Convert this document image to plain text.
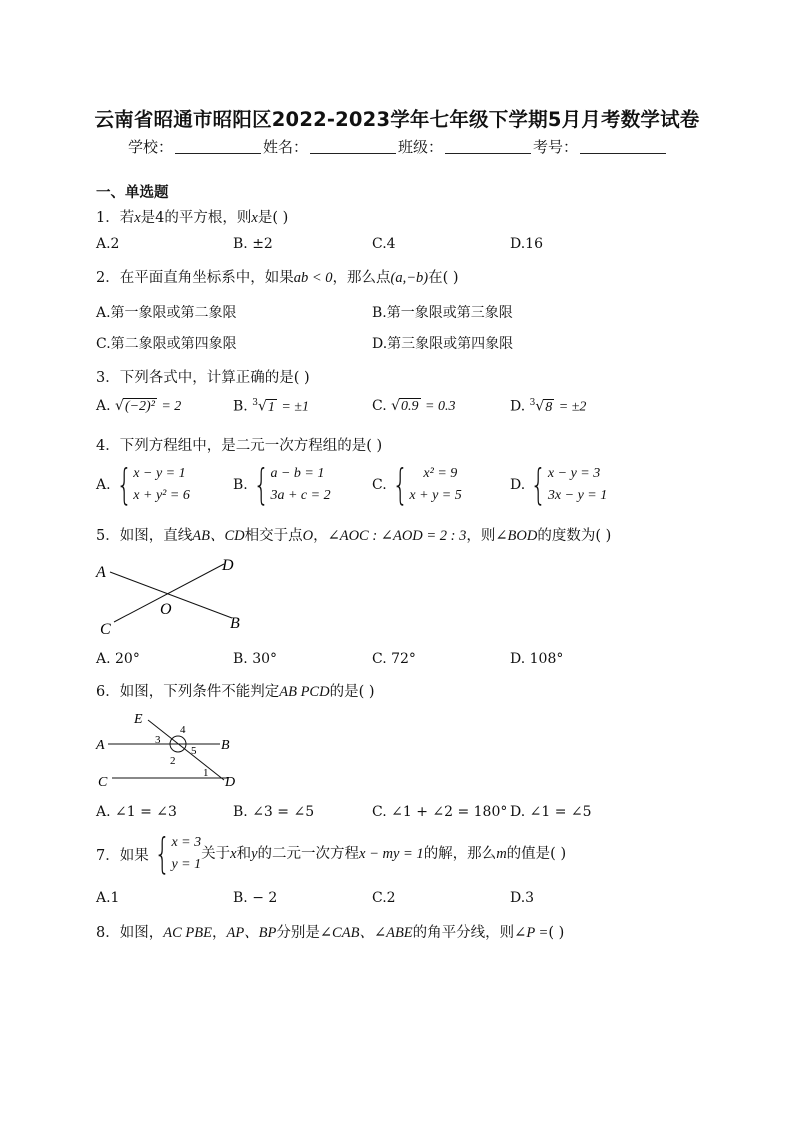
云南省昭通市昭阳区2022-2023学年七年级下学期5月月考数学试卷
学校：	姓名：	班级：	考号：
一、单选题
1．若x是4的平方根，则x是( )
A.2	B. ±2	C.4	D.16
2．在平面直角坐标系中，如果ab < 0，那么点(a,−b)在( )
A.第一象限或第二象限	B.第一象限或第三象限
C.第二象限或第四象限	D.第三象限或第四象限
3．下列各式中，计算正确的是( )
A. √(−2)² = 2	B. $^3$√1 = ±1	C. √0.9 = 0.3	D. $^3$√8 = ±2
4．下列方程组中，是二元一次方程组的是( )
A. { x − y = 1
x + y² = 6
B. { a − b = 1
3a + c = 2
C. {	x² = 9
x + y = 5
D. { x − y = 3
3x − y = 1
5．如图，直线AB、CD相交于点O，∠AOC : ∠AOD = 2 : 3，则∠BOD的度数为( )
A	D
O
C	B
A. 20°	B. 30°	C. 72°	D. 108°
6．如图，下列条件不能判定AB PCD的是( )
E
A	B
C	D
3
4
5
2
1
A. ∠1 = ∠3	B. ∠3 = ∠5	C. ∠1 + ∠2 = 180° D. ∠1 = ∠5
7．如果 { x = 3
y = 1
关于x和y的二元一次方程x − my = 1的解，那么m的值是( )
A.1	B. − 2	C.2	D.3
8．如图，AC PBE，AP、BP分别是∠CAB、∠ABE的角平分线，则∠P =( )
